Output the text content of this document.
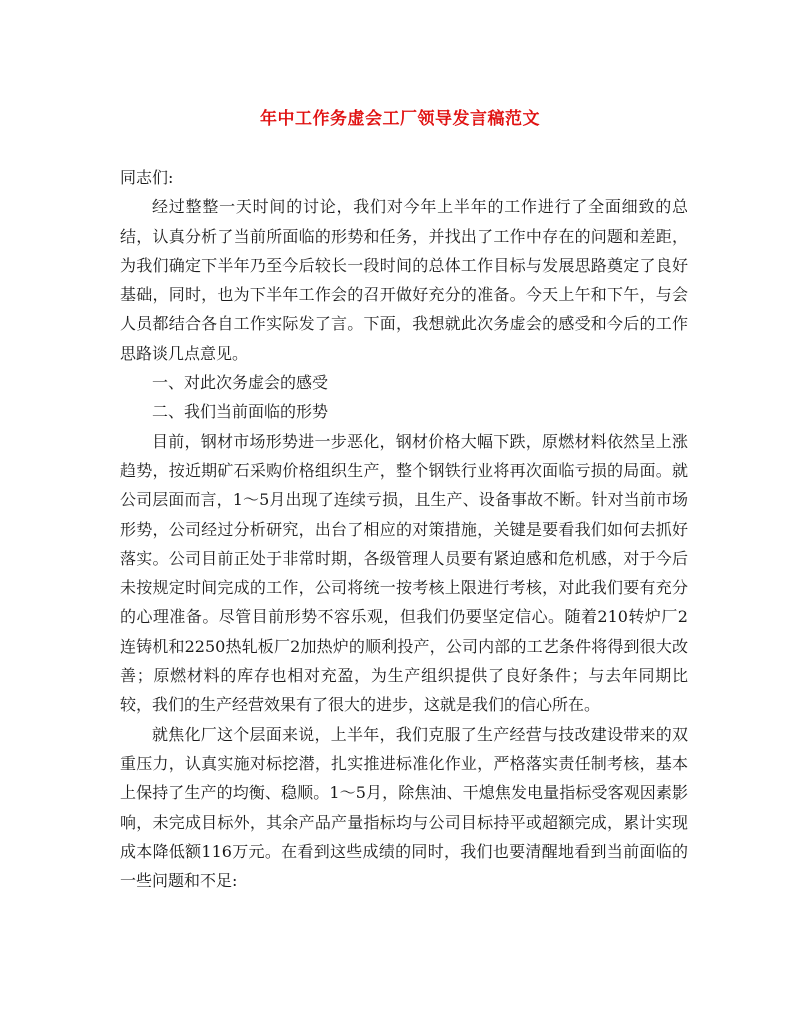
年中工作务虚会工厂领导发言稿范文

同志们:

经过整整一天时间的讨论，我们对今年上半年的工作进行了全面细致的总结，认真分析了当前所面临的形势和任务，并找出了工作中存在的问题和差距，为我们确定下半年乃至今后较长一段时间的总体工作目标与发展思路奠定了良好基础，同时，也为下半年工作会的召开做好充分的准备。今天上午和下午，与会人员都结合各自工作实际发了言。下面，我想就此次务虚会的感受和今后的工作思路谈几点意见。

一、对此次务虚会的感受

二、我们当前面临的形势

目前，钢材市场形势进一步恶化，钢材价格大幅下跌，原燃材料依然呈上涨趋势，按近期矿石采购价格组织生产，整个钢铁行业将再次面临亏损的局面。就公司层面而言，1～5月出现了连续亏损，且生产、设备事故不断。针对当前市场形势，公司经过分析研究，出台了相应的对策措施，关键是要看我们如何去抓好落实。公司目前正处于非常时期，各级管理人员要有紧迫感和危机感，对于今后未按规定时间完成的工作，公司将统一按考核上限进行考核，对此我们要有充分的心理准备。尽管目前形势不容乐观，但我们仍要坚定信心。随着210转炉厂2连铸机和2250热轧板厂2加热炉的顺利投产，公司内部的工艺条件将得到很大改善；原燃材料的库存也相对充盈，为生产组织提供了良好条件；与去年同期比较，我们的生产经营效果有了很大的进步，这就是我们的信心所在。

就焦化厂这个层面来说，上半年，我们克服了生产经营与技改建设带来的双重压力，认真实施对标挖潜，扎实推进标准化作业，严格落实责任制考核，基本上保持了生产的均衡、稳顺。1～5月，除焦油、干熄焦发电量指标受客观因素影响，未完成目标外，其余产品产量指标均与公司目标持平或超额完成，累计实现成本降低额116万元。在看到这些成绩的同时，我们也要清醒地看到当前面临的一些问题和不足:
